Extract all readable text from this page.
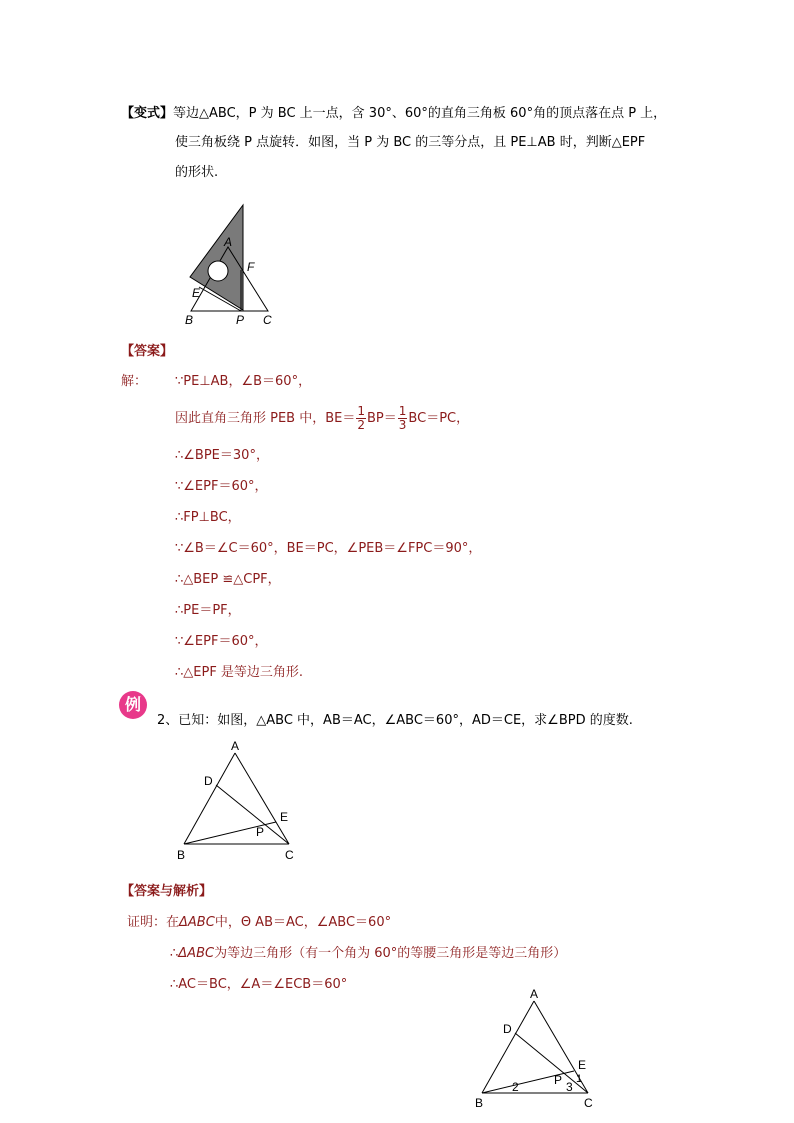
【变式】等边△ABC，P 为 BC 上一点，含 30°、60°的直角三角板 60°角的顶点落在点 P 上，
使三角板绕 P 点旋转．如图，当 P 为 BC 的三等分点，且 PE⊥AB 时，判断△EPF
的形状.
A
F
E
B	P C
【答案】
解： ∵PE⊥AB，∠B＝60°，
因此直角三角形 PEB 中，$BE= \frac{1}{2} BP= \frac{1}{3} BC=PC$，
∴∠BPE＝30°，
∵∠EPF＝60°，
∴FP⊥BC，
∵∠B＝∠C＝60°，BE＝PC，∠PEB＝∠FPC＝90°，
∴△BEP ≌△CPF，
∴PE＝PF，
∵∠EPF＝60°，
∴△EPF 是等边三角形.
例
2、已知：如图，△ABC 中，AB＝AC，∠ABC＝60°，AD＝CE，求∠BPD 的度数.
A
D
E
P
B	C
【答案与解析】
证明：在ΔABC中，Θ AB＝AC，∠ABC＝60°
∴ΔABC为等边三角形（有一个角为 60°的等腰三角形是等边三角形）
∴AC＝BC，∠A＝∠ECB＝60°
A
D
E
P 1
2	3
B	C
